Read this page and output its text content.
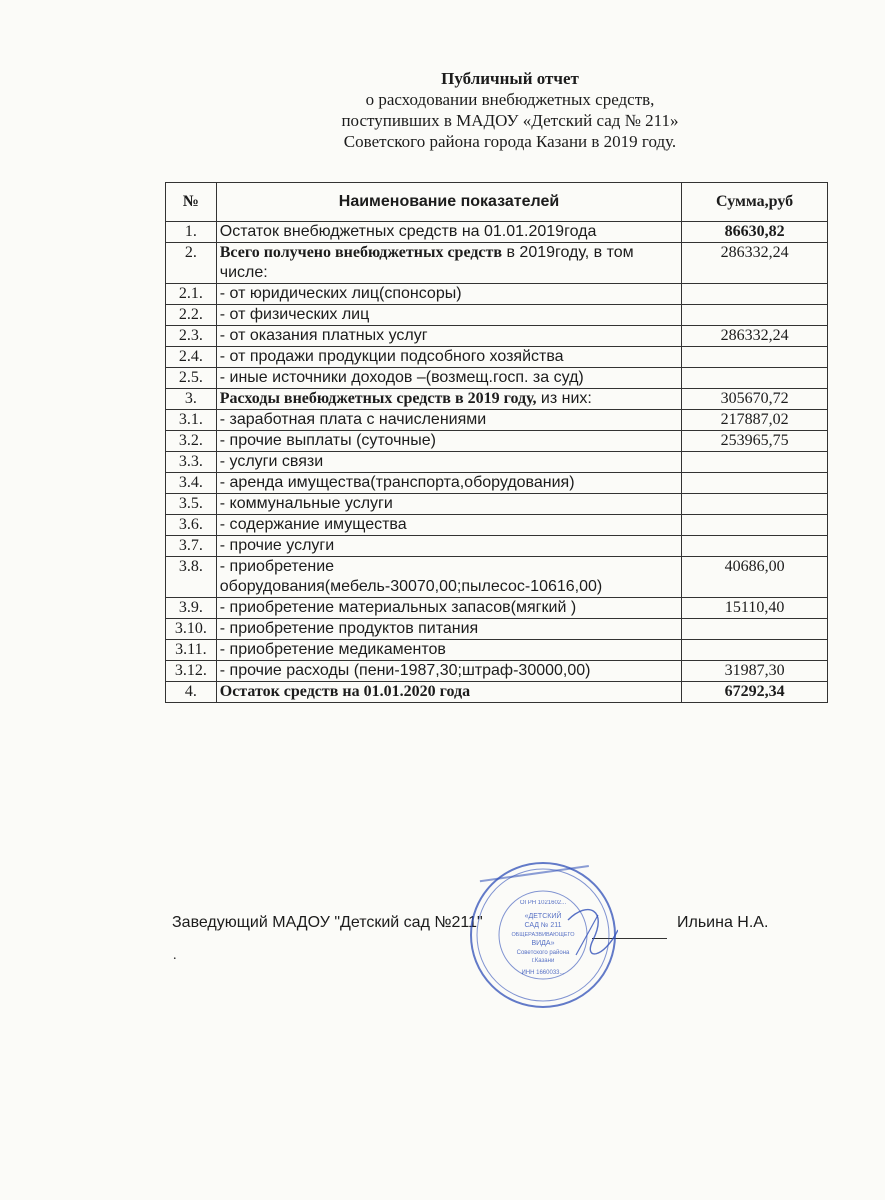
Публичный отчет
о расходовании внебюджетных средств,
поступивших в МАДОУ «Детский сад № 211»
Советского района города Казани в 2019 году.
№	Наименование показателей	Сумма,руб
1.	Остаток внебюджетных средств на 01.01.2019года	86630,82
2.	Всего получено внебюджетных средств в 2019году, в том числе:	286332,24
2.1.	- от юридических лиц(спонсоры)	
2.2.	- от физических лиц	
2.3.	- от оказания платных услуг	286332,24
2.4.	- от продажи продукции подсобного хозяйства	
2.5.	- иные источники доходов –(возмещ.госп. за суд)	
3.	Расходы внебюджетных средств в 2019 году, из них:	305670,72
3.1.	- заработная плата с начислениями	217887,02
3.2.	- прочие выплаты (суточные)	253965,75
3.3.	- услуги связи	
3.4.	- аренда имущества(транспорта,оборудования)	
3.5.	- коммунальные услуги	
3.6.	- содержание имущества	
3.7.	- прочие услуги	
3.8.	- приобретение оборудования(мебель-30070,00;пылесос-10616,00)	40686,00
3.9.	- приобретение материальных запасов(мягкий )	15110,40
3.10.	- приобретение продуктов питания	
3.11.	- приобретение медикаментов	
3.12.	- прочие расходы (пени-1987,30;штраф-30000,00)	31987,30
4.	Остаток средств на 01.01.2020 года	67292,34
Заведующий МАДОУ "Детский сад №211"	Ильина Н.А.
.
ОГРН 1021602...
«ДЕТСКИЙ
САД № 211
ОБЩЕРАЗВИВАЮЩЕГО
ВИДА»
Советского района
г.Казани
ИНН 1660033...
